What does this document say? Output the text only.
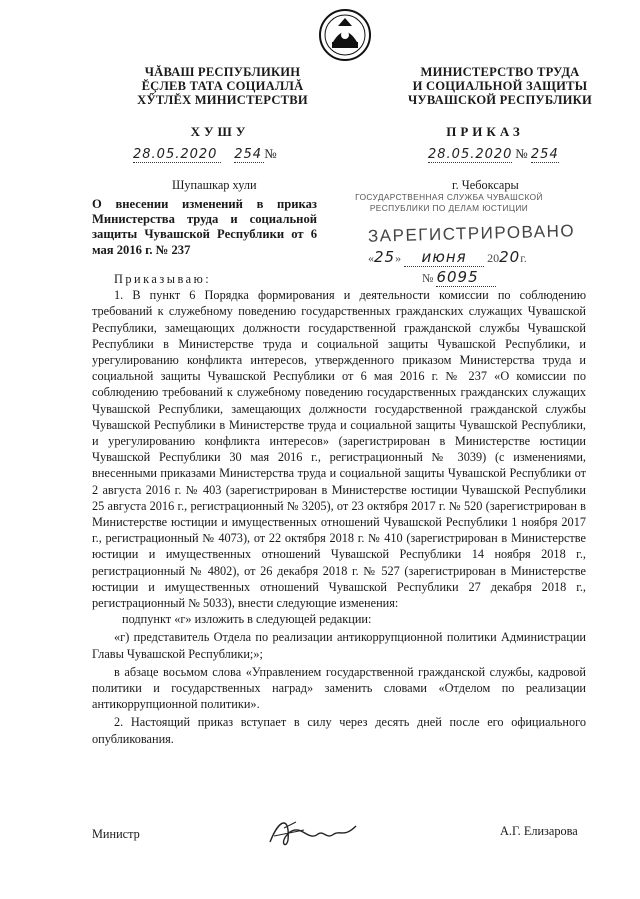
ЧĂВАШ РЕСПУБЛИКИН
ĔÇЛЕВ ТАТА СОЦИАЛЛĂ
ХӲТЛĔХ МИНИСТЕРСТВИ
МИНИСТЕРСТВО ТРУДА
И СОЦИАЛЬНОЙ ЗАЩИТЫ
ЧУВАШСКОЙ РЕСПУБЛИКИ
ХУШУ	ПРИКАЗ
28.05.2020 254 №	28.05.2020 № 254
Шупашкар хули	г. Чебоксары
О внесении изменений в приказ Министерства труда и социальной защиты Чувашской Республики от 6 мая 2016 г. № 237
ГОСУДАРСТВЕННАЯ СЛУЖБА ЧУВАШСКОЙ
РЕСПУБЛИКИ ПО ДЕЛАМ ЮСТИЦИИ
ЗАРЕГИСТРИРОВАНО
«25» июня 2020г.
№ 6095

Приказываю:

1. В пункт 6 Порядка формирования и деятельности комиссии по соблюдению требований к служебному поведению государственных гражданских служащих Чувашской Республики, замещающих должности государственной гражданской службы Чувашской Республики в Министерстве труда и социальной защиты Чувашской Республики, и урегулированию конфликта интересов, утвержденного приказом Министерства труда и социальной защиты Чувашской Республики от 6 мая 2016 г. № 237 «О комиссии по соблюдению требований к служебному поведению государственных гражданских служащих Чувашской Республики, замещающих должности государственной гражданской службы Чувашской Республики в Министерстве труда и социальной защиты Чувашской Республики, и урегулированию конфликта интересов» (зарегистрирован в Министерстве юстиции Чувашской Республики 30 мая 2016 г., регистрационный № 3039) (с изменениями, внесенными приказами Министерства труда и социальной защиты Чувашской Республики от 2 августа 2016 г. № 403 (зарегистрирован в Министерстве юстиции Чувашской Республики 25 августа 2016 г., регистрационный № 3205), от 23 октября 2017 г. № 520 (зарегистрирован в Министерстве юстиции и имущественных отношений Чувашской Республики 1 ноября 2017 г., регистрационный № 4073), от 22 октября 2018 г. № 410 (зарегистрирован в Министерстве юстиции и имущественных отношений Чувашской Республики 14 ноября 2018 г., регистрационный № 4802), от 26 декабря 2018 г. № 527 (зарегистрирован в Министерстве юстиции и имущественных отношений Чувашской Республики 27 декабря 2018 г., регистрационный № 5033), внести следующие изменения:

подпункт «г» изложить в следующей редакции:

«г) представитель Отдела по реализации антикоррупционной политики Администрации Главы Чувашской Республики;»;

в абзаце восьмом слова «Управлением государственной гражданской службы, кадровой политики и государственных наград» заменить словами «Отделом по реализации антикоррупционной политики».

2. Настоящий приказ вступает в силу через десять дней после его официального опубликования.

Министр	А.Г. Елизарова
